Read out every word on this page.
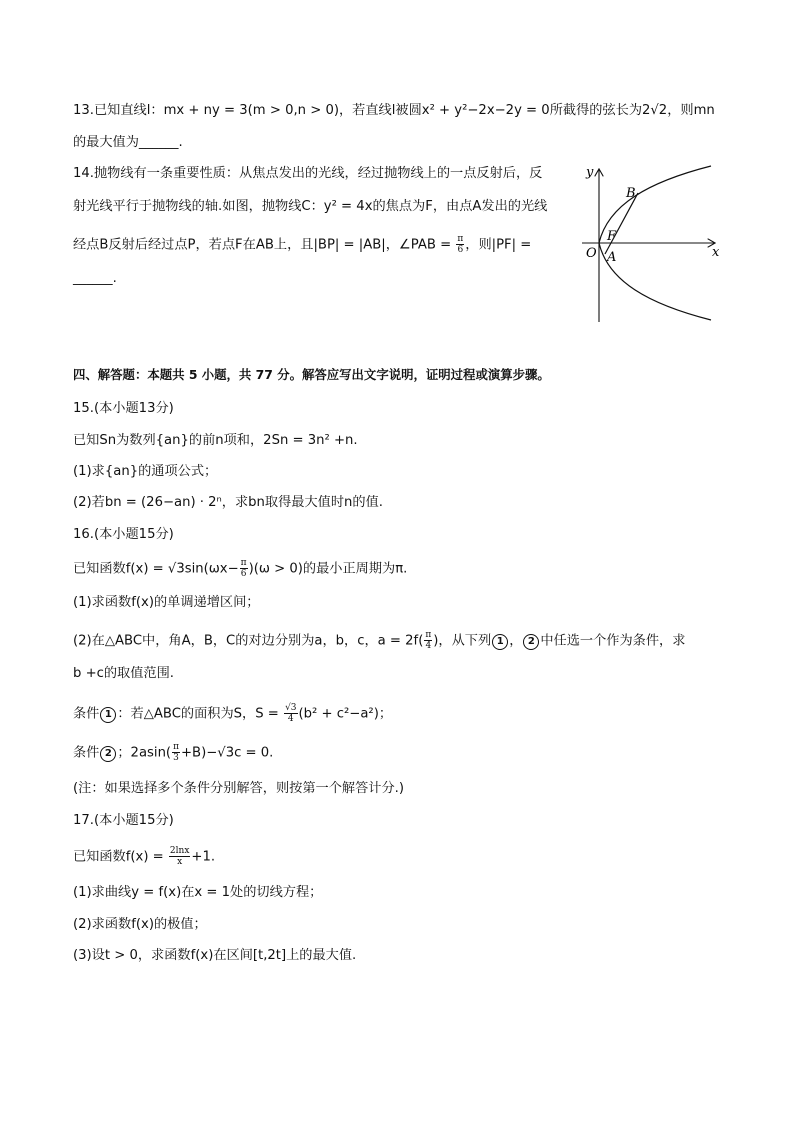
13.已知直线l：mx + ny = 3(m > 0,n > 0)，若直线l被圆x² + y²−2x−2y = 0所截得的弦长为2√2，则mn
的最大值为______.
14.抛物线有一条重要性质：从焦点发出的光线，经过抛物线上的一点反射后，反
射光线平行于抛物线的轴.如图，抛物线C：y² = 4x的焦点为F，由点A发出的光线
经点B反射后经过点P，若点F在AB上，且|BP| = |AB|，∠PAB = $\frac{\pi}{6}$ ，则|PF| =
______.
y
x
B
F
O A
四、解答题：本题共 5 小题，共 77 分。解答应写出文字说明，证明过程或演算步骤。
15.(本小题13分)
已知Sn为数列{an}的前n项和，2Sn = 3n² +n.
(1)求{an}的通项公式；
(2)若bn = (26−an) · 2ⁿ，求bn取得最大值时n的值.
16.(本小题15分)
已知函数$f(x) = √3\sin(\omega x- \frac{\pi}{6} )(\omega > 0)$的最小正周期为π.
(1)求函数f(x)的单调递增区间；
(2)在△ABC中，角A，B，C的对边分别为a，b，c，$a = 2f( \frac{\pi}{4}$ )，从下列 1 ， 2 中任选一个作为条件，求
b +c的取值范围.
条件 1 ：若△ABC的面积为S，$S = \frac{√3}{4} (b^2 + c^2-a^2)$；
条件 2 ；$2asin( \frac{\pi}{3} +B)-√3c = 0$.
(注：如果选择多个条件分别解答，则按第一个解答计分.)
17.(本小题15分)
已知函数$f(x) = \frac{2\ln x}{x} +1$.
(1)求曲线y = f(x)在x = 1处的切线方程；
(2)求函数f(x)的极值；
(3)设t > 0，求函数f(x)在区间[t,2t]上的最大值.
